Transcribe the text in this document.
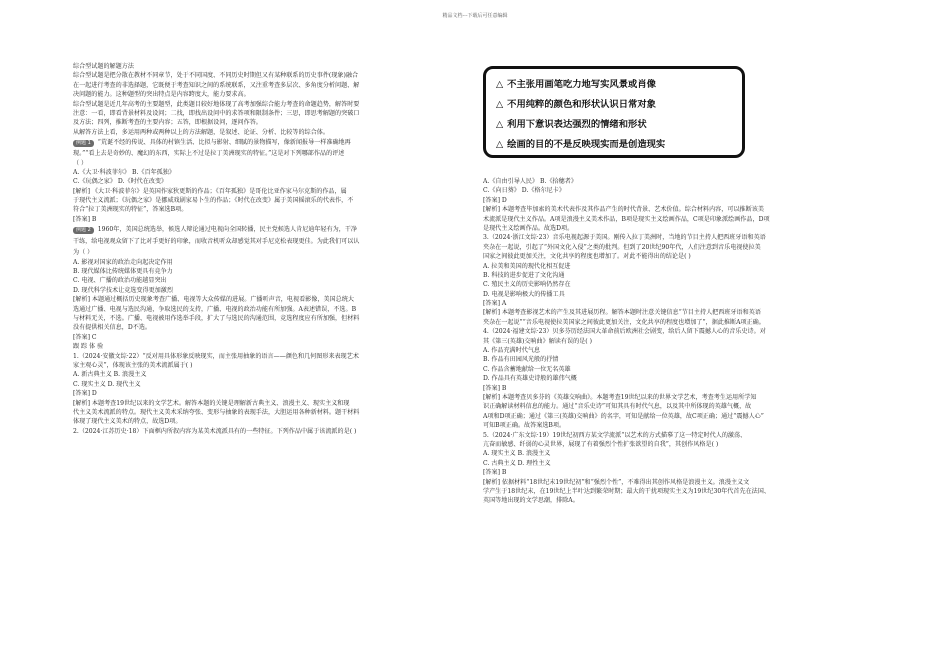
精品文档---下载后可任意编辑
综合型试题的解题方法
综合型试题是把分散在教材不同章节，处于不同国度、不同历史时期但又有某种联系的历史事件(现象)融合
在一起进行考查的非选择题，它既便于考查知识之间的系统联系，又注重考查多层次、多角度分析问题、解
决问题的能力。这种题型的突出特点是内容跨度大，能力要求高。
综合型试题是近几年高考的主要题型，此类题目较好地体现了高考加强综合能力考查的命题趋势，解答时要
注意：一看，即看背景材料及设问；二找，即找出设问中的求答项和限制条件；三思，即思考解题的突破口
及方法；四列，推断考查的主要内容；五答，即根据设问，逐问作答。
从解答方法上看，多运用两种或两种以上的方法解题，是叙述、论证、分析、比较等的综合体。
例题 1 “荒诞不经的传说、具体的村镇生活、比拟与影射、细腻的景物描写，像新闻报导一样准确地再
现。”“看上去是奇妙的、魔幻的东西，实际上不过是拉丁美洲现实的特征。”这是对下列哪部作品的评述
（ ）
A.《大卫·科波菲尔》 B.《百年孤独》
C.《玩偶之家》 D.《时代在改变》
[解析] 《大卫·科波菲尔》是英国作家狄更斯的作品；《百年孤独》是哥伦比亚作家马尔克斯的作品，属
于现代主义流派；《玩偶之家》是挪威戏剧家易卜生的作品；《时代在改变》属于美国摇滚乐的代表作，不
符合“拉丁美洲现实的特征”，答案选B项。
[答案] B
例题 2 1960年，美国总统选举，候选人辩论通过电视向全国转播，民主党候选人肯尼迪年轻有为，干净
干练，给电视观众留下了比对手更好的印象，而收音机听众却感觉其对手尼克松表现更佳。为此我们可以认
为（ ）
A. 影视对国家的政治走向起决定作用
B. 现代媒体比传统媒体更具有竞争力
C. 电视、广播的政治功能越显突出
D. 现代科学技术让竞选变得更加激烈
[解析] 本题通过概括历史现象考查广播、电视等大众传媒的进展。广播听声音，电视看影像，美国总统大
选通过广播、电视与选民沟通，争取选民的支持，广播、电视的政治功能有所加强。A表述错误，不选。B
与材料无关，不选。广播、电视被用作选举手段，扩大了与选民的沟通范围，竞选程度应有所加强，但材料
没有提供相关信息，D不选。
[答案] C
跟 踪 体 验
1.（2024·安徽文综·22）“反对用具体形象反映现实，而主张用抽象的语言——颜色和几何图形来表现艺术
家主观心灵”，体现该主张的美术流派属于( )
A. 新古典主义 B. 浪漫主义
C. 现实主义 D. 现代主义
[答案] D
[解析] 本题考查19世纪以来的文学艺术。解答本题的关键是理解新古典主义、浪漫主义、现实主义和现
代主义美术流派的特点。现代主义美术采纳夸张、变形与抽象的表现手法，大胆运用各种新材料。题干材料
体现了现代主义美术的特点，故选D项。
2.（2024·江苏历史·18）下面框内所叙内容为某美术流派具有的一些特征。下列作品中属于该流派的是( )
△ 不主张用画笔吃力地写实风景或肖像
△ 不用纯粹的颜色和形状认识日常对象
△ 利用下意识表达强烈的情绪和形状
△ 绘画的目的不是反映现实而是创造现实
A.《自由引导人民》 B.《拾穗者》
C.《向日葵》 D.《格尔尼卡》
[答案] D
[解析] 本题考查毕加索的美术代表作及其作品产生的时代背景、艺术价值。综合材料内容，可以推断该美
术流派是现代主义作品。A项是浪漫主义美术作品，B项是现实主义绘画作品，C项是印象派绘画作品，D项
是现代主义绘画作品。故选D项。
3.（2024·浙江文综·23）音乐电视起源于美国。刚传入拉丁美洲时，当地的节目主持人把西班牙语和英语
夹杂在一起说，引起了“外国文化入侵”之类的批判。但到了20世纪90年代，人们注意到音乐电视使拉美
国家之间彼此更加关注，文化共享的程度也增加了。对此不能得出的结论是( )
A. 拉美和美国的现代化相互促进
B. 科技的进步促进了文化沟通
C. 殖民主义的历史影响仍然存在
D. 电视是影响极大的传播工具
[答案] A
[解析] 本题考查影视艺术的产生及其进展历程。解答本题时注意关键信息“节目主持人把西班牙语和英语
夹杂在一起说”“音乐电视使拉美国家之间彼此更加关注，文化共享的程度也增加了”，据此推断A项正确。
4.（2024·福建文综·23）贝多芬历经法国大革命前后欧洲社会剧变，给后人留下震撼人心的音乐史诗。对
其《第三(英雄)交响曲》解读有误的是( )
A. 作品充满时代气息
B. 作品有田园风光般的抒情
C. 作品含蓄地献给一位无名英雄
D. 作品具有英雄史诗般的雄伟气概
[答案] B
[解析] 本题考查贝多芬的《英雄交响曲》。本题考查19世纪以来的世界文学艺术，考查考生运用所学知
识正确解读材料信息的能力。通过“音乐史诗”可知其具有时代气息，以及其中所体现的英雄气概，故
A项和D项正确；通过《第三(英雄)交响曲》的名字，可知是献给一位英雄，故C项正确；通过“震撼人心”
可知B项正确。故答案选B项。
5.（2024·广东文综·19）19世纪初西方某文学流派“以艺术的方式描摹了这一特定时代人的激荡、
亢奋而敏感、纤弱的心灵世界，展现了有着强烈个性扩张欲望的自我”，其创作风格是( )
A. 现实主义 B. 浪漫主义
C. 古典主义 D. 理性主义
[答案] B
[解析] 依据材料“18世纪末19世纪初”和“强烈个性”，不难得出其创作风格是浪漫主义。浪漫主义文
学产生于18世纪末，在19世纪上半叶达到繁荣时期；最大的干扰项现实主义为19世纪30年代首先在法国、
英国等地出现的文学思潮，排除A。
